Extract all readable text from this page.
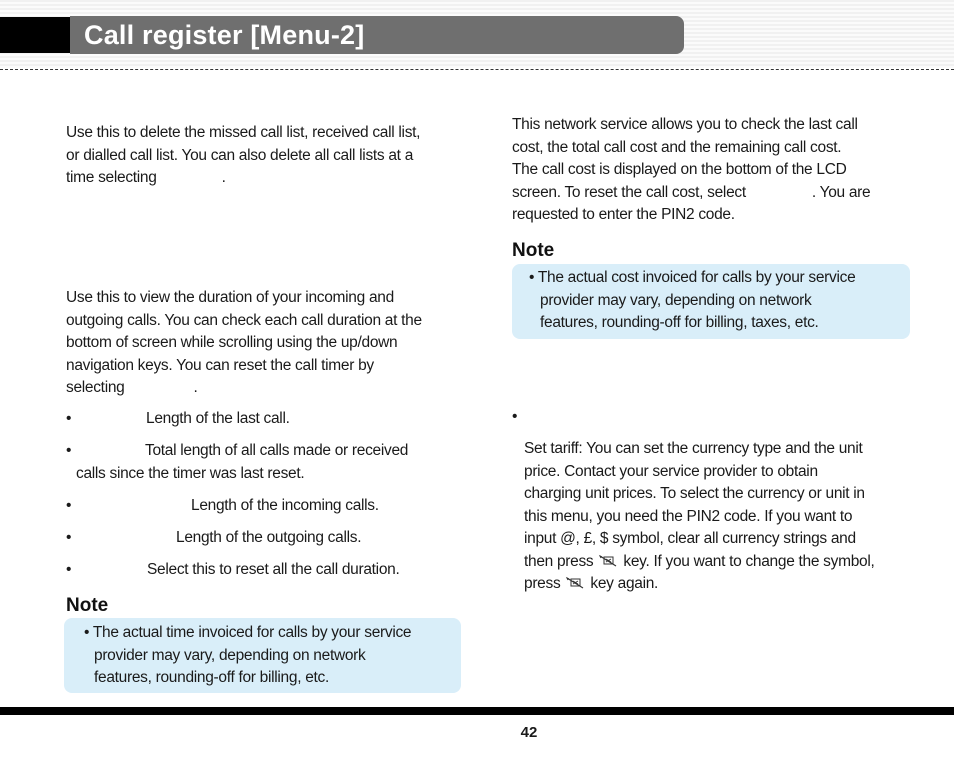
Call register [Menu-2]
Use this to delete the missed call list, received call list,
or dialled call list. You can also delete all call lists at a
time selecting	.
Use this to view the duration of your incoming and
outgoing calls. You can check each call duration at the
bottom of screen while scrolling using the up/down
navigation keys. You can reset the call timer by
selecting	.
•	Length of the last call.
•	Total length of all calls made or received
calls since the timer was last reset.
•	Length of the incoming calls.
•	Length of the outgoing calls.
•	Select this to reset all the call duration.
Note
• The actual time invoiced for calls by your service
provider may vary, depending on network
features, rounding-off for billing, etc.
This network service allows you to check the last call
cost, the total call cost and the remaining call cost.
The call cost is displayed on the bottom of the LCD
screen. To reset the call cost, select	. You are
requested to enter the PIN2 code.
Note
• The actual cost invoiced for calls by your service
provider may vary, depending on network
features, rounding-off for billing, taxes, etc.
•
Set tariff: You can set the currency type and the unit
price. Contact your service provider to obtain
charging unit prices. To select the currency or unit in
this menu, you need the PIN2 code. If you want to
input @, £, $ symbol, clear all currency strings and
then press key. If you want to change the symbol,
press key again.
42
